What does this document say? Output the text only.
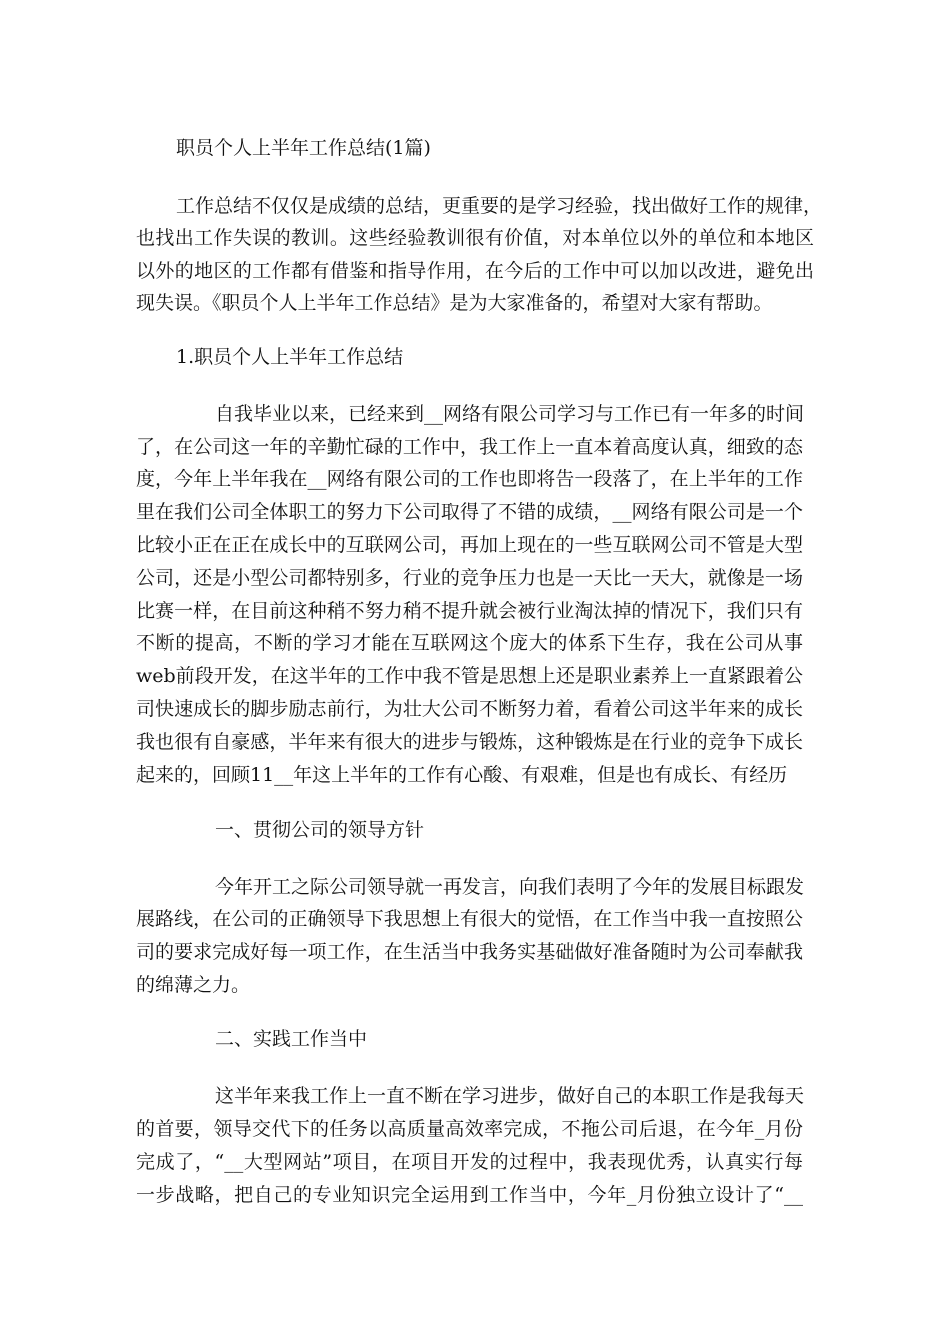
职员个人上半年工作总结(1篇)
工作总结不仅仅是成绩的总结，更重要的是学习经验，找出做好工作的规律，
也找出工作失误的教训。这些经验教训很有价值，对本单位以外的单位和本地区
以外的地区的工作都有借鉴和指导作用，在今后的工作中可以加以改进，避免出
现失误。《职员个人上半年工作总结》是为大家准备的，希望对大家有帮助。
1.职员个人上半年工作总结
自我毕业以来，已经来到__网络有限公司学习与工作已有一年多的时间
了，在公司这一年的辛勤忙碌的工作中，我工作上一直本着高度认真，细致的态
度，今年上半年我在__网络有限公司的工作也即将告一段落了，在上半年的工作
里在我们公司全体职工的努力下公司取得了不错的成绩，__网络有限公司是一个
比较小正在正在成长中的互联网公司，再加上现在的一些互联网公司不管是大型
公司，还是小型公司都特别多，行业的竞争压力也是一天比一天大，就像是一场
比赛一样，在目前这种稍不努力稍不提升就会被行业淘汰掉的情况下，我们只有
不断的提高，不断的学习才能在互联网这个庞大的体系下生存，我在公司从事
web前段开发，在这半年的工作中我不管是思想上还是职业素养上一直紧跟着公
司快速成长的脚步励志前行，为壮大公司不断努力着，看着公司这半年来的成长
我也很有自豪感，半年来有很大的进步与锻炼，这种锻炼是在行业的竞争下成长
起来的，回顾11__年这上半年的工作有心酸、有艰难，但是也有成长、有经历
一、贯彻公司的领导方针
今年开工之际公司领导就一再发言，向我们表明了今年的发展目标跟发
展路线，在公司的正确领导下我思想上有很大的觉悟，在工作当中我一直按照公
司的要求完成好每一项工作，在生活当中我务实基础做好准备随时为公司奉献我
的绵薄之力。
二、实践工作当中
这半年来我工作上一直不断在学习进步，做好自己的本职工作是我每天
的首要，领导交代下的任务以高质量高效率完成，不拖公司后退，在今年_月份
完成了，“__大型网站”项目，在项目开发的过程中，我表现优秀，认真实行每
一步战略，把自己的专业知识完全运用到工作当中，今年_月份独立设计了“__
